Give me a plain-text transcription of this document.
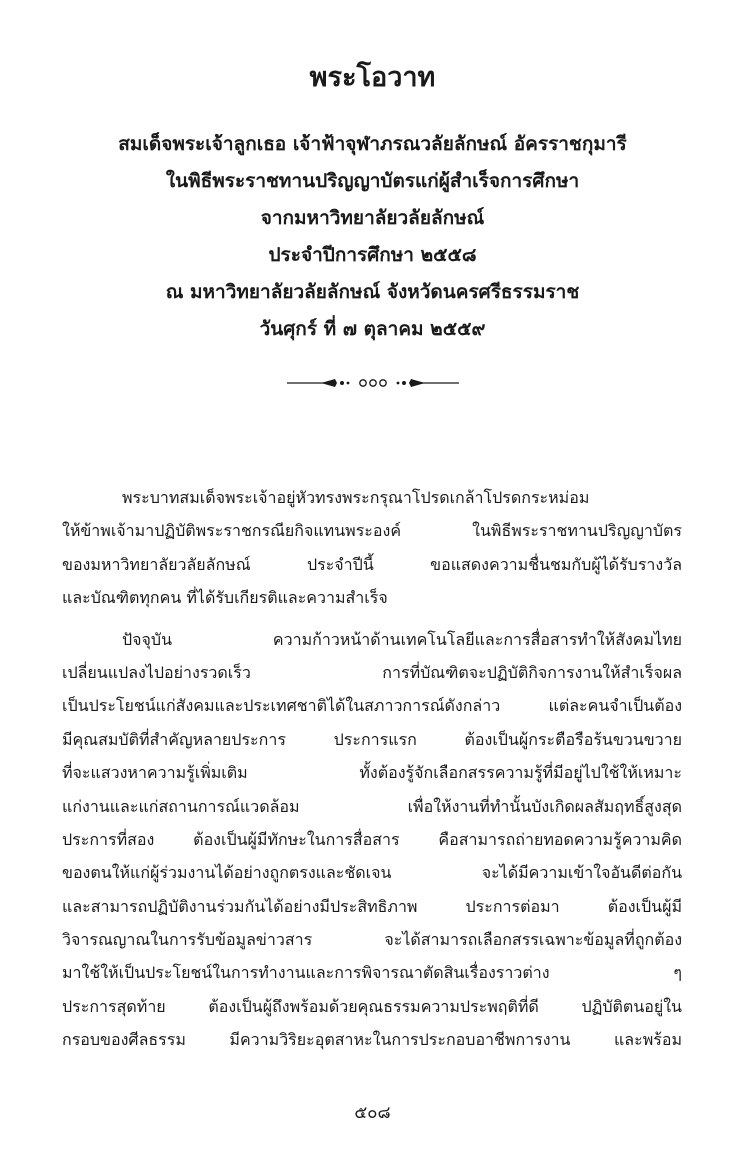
พระโอวาท
สมเด็จพระเจ้าลูกเธอ เจ้าฟ้าจุฬาภรณวลัยลักษณ์ อัครราชกุมารี
ในพิธีพระราชทานปริญญาบัตรแก่ผู้สำเร็จการศึกษา
จากมหาวิทยาลัยวลัยลักษณ์
ประจำปีการศึกษา ๒๕๕๘
ณ มหาวิทยาลัยวลัยลักษณ์ จังหวัดนครศรีธรรมราช
วันศุกร์ ที่ ๗ ตุลาคม ๒๕๕๙
พระบาทสมเด็จพระเจ้าอยู่หัวทรงพระกรุณาโปรดเกล้าโปรดกระหม่อม
ให้ข้าพเจ้ามาปฏิบัติพระราชกรณียกิจแทนพระองค์ ในพิธีพระราชทานปริญญาบัตร
ของมหาวิทยาลัยวลัยลักษณ์ ประจำปีนี้ ขอแสดงความชื่นชมกับผู้ได้รับรางวัล
และบัณฑิตทุกคน ที่ได้รับเกียรติและความสำเร็จ
ปัจจุบัน ความก้าวหน้าด้านเทคโนโลยีและการสื่อสารทำให้สังคมไทย
เปลี่ยนแปลงไปอย่างรวดเร็ว การที่บัณฑิตจะปฏิบัติกิจการงานให้สำเร็จผล
เป็นประโยชน์แก่สังคมและประเทศชาติได้ในสภาวการณ์ดังกล่าว แต่ละคนจำเป็นต้อง
มีคุณสมบัติที่สำคัญหลายประการ ประการแรก ต้องเป็นผู้กระตือรือร้นขวนขวาย
ที่จะแสวงหาความรู้เพิ่มเติม ทั้งต้องรู้จักเลือกสรรความรู้ที่มีอยู่ไปใช้ให้เหมาะ
แก่งานและแก่สถานการณ์แวดล้อม เพื่อให้งานที่ทำนั้นบังเกิดผลสัมฤทธิ์สูงสุด
ประการที่สอง ต้องเป็นผู้มีทักษะในการสื่อสาร คือสามารถถ่ายทอดความรู้ความคิด
ของตนให้แก่ผู้ร่วมงานได้อย่างถูกตรงและชัดเจน จะได้มีความเข้าใจอันดีต่อกัน
และสามารถปฏิบัติงานร่วมกันได้อย่างมีประสิทธิภาพ ประการต่อมา ต้องเป็นผู้มี
วิจารณญาณในการรับข้อมูลข่าวสาร จะได้สามารถเลือกสรรเฉพาะข้อมูลที่ถูกต้อง
มาใช้ให้เป็นประโยชน์ในการทำงานและการพิจารณาตัดสินเรื่องราวต่าง ๆ
ประการสุดท้าย ต้องเป็นผู้ถึงพร้อมด้วยคุณธรรมความประพฤติที่ดี ปฏิบัติตนอยู่ใน
กรอบของศีลธรรม มีความวิริยะอุตสาหะในการประกอบอาชีพการงาน และพร้อม
๕๐๘
